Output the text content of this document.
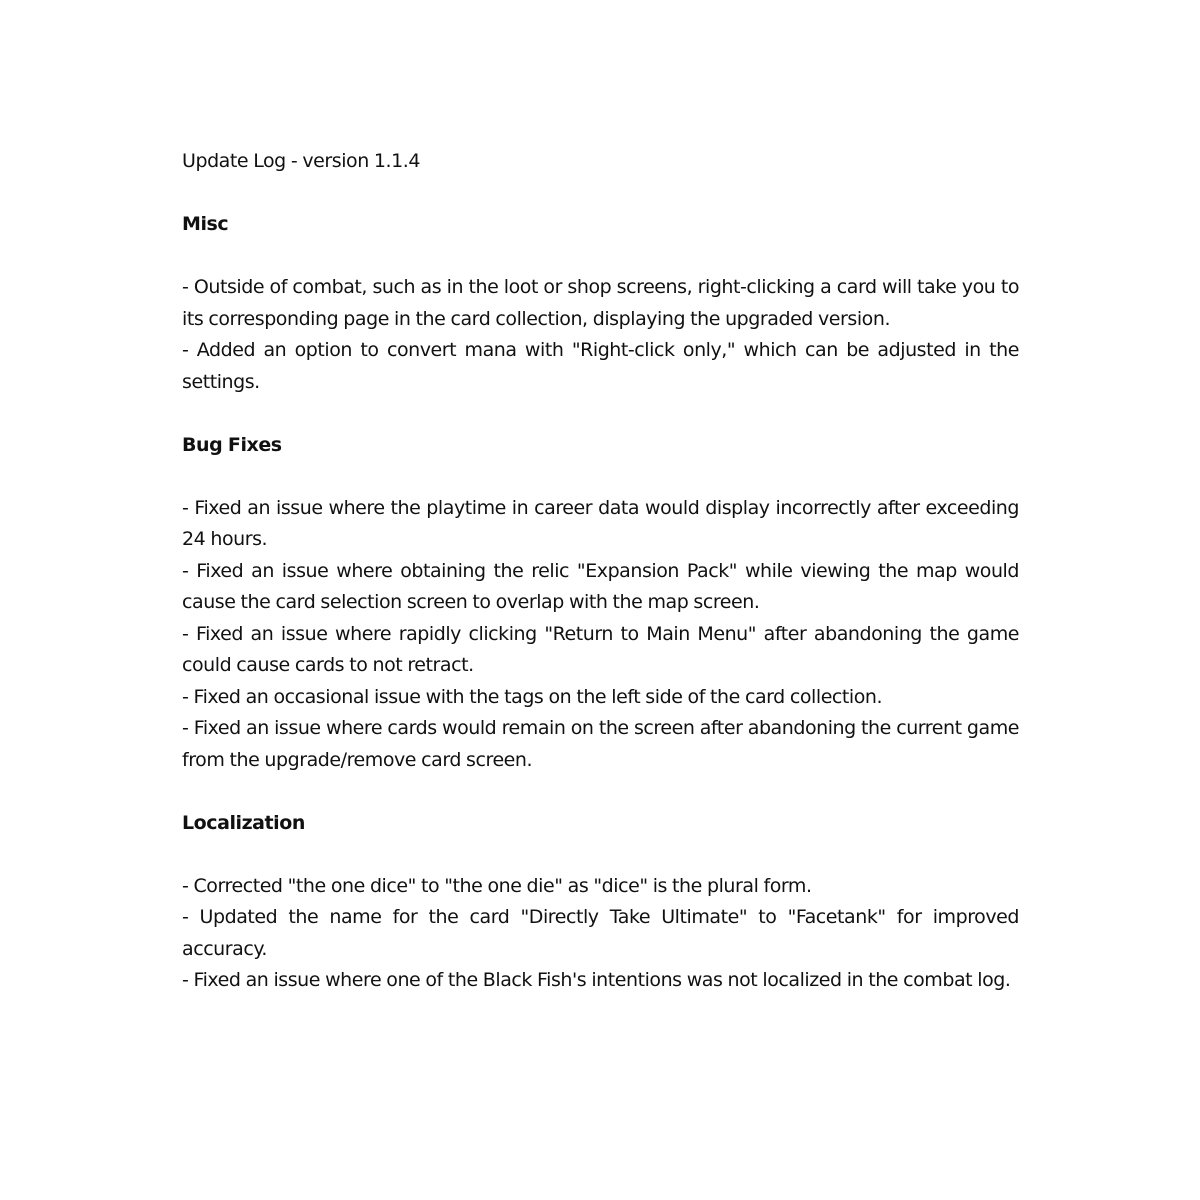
Update Log - version 1.1.4
Misc
- Outside of combat, such as in the loot or shop screens, right-clicking a card will take you to its corresponding page in the card collection, displaying the upgraded version.
- Added an option to convert mana with "Right-click only," which can be adjusted in the settings.
Bug Fixes
- Fixed an issue where the playtime in career data would display incorrectly after exceeding 24 hours.
- Fixed an issue where obtaining the relic "Expansion Pack" while viewing the map would cause the card selection screen to overlap with the map screen.
- Fixed an issue where rapidly clicking "Return to Main Menu" after abandoning the game could cause cards to not retract.
- Fixed an occasional issue with the tags on the left side of the card collection.
- Fixed an issue where cards would remain on the screen after abandoning the current game from the upgrade/remove card screen.
Localization
- Corrected "the one dice" to "the one die" as "dice" is the plural form.
- Updated the name for the card "Directly Take Ultimate" to "Facetank" for improved accuracy.
- Fixed an issue where one of the Black Fish's intentions was not localized in the combat log.
